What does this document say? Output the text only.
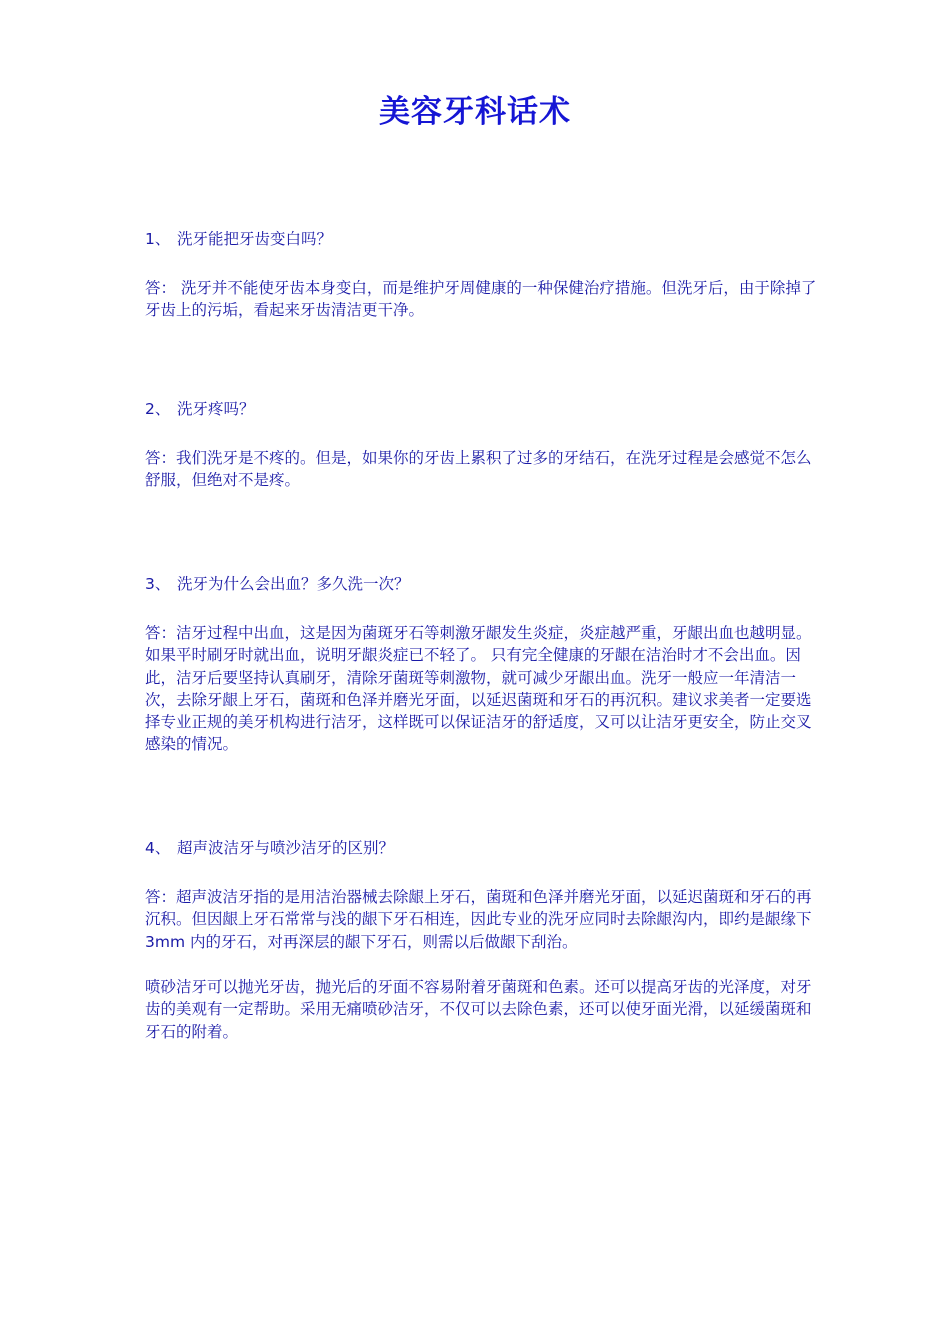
美容牙科话术

1、 洗牙能把牙齿变白吗？

答： 洗牙并不能使牙齿本身变白，而是维护牙周健康的一种保健治疗措施。但洗牙后，由于除掉了牙齿上的污垢，看起来牙齿清洁更干净。

2、 洗牙疼吗？

答：我们洗牙是不疼的。但是，如果你的牙齿上累积了过多的牙结石，在洗牙过程是会感觉不怎么舒服，但绝对不是疼。

3、 洗牙为什么会出血？多久洗一次？

答：洁牙过程中出血，这是因为菌斑牙石等刺激牙龈发生炎症，炎症越严重，牙龈出血也越明显。如果平时刷牙时就出血，说明牙龈炎症已不轻了。 只有完全健康的牙龈在洁治时才不会出血。因此，洁牙后要坚持认真刷牙，清除牙菌斑等刺激物，就可减少牙龈出血。洗牙一般应一年清洁一次，去除牙龈上牙石，菌斑和色泽并磨光牙面，以延迟菌斑和牙石的再沉积。建议求美者一定要选择专业正规的美牙机构进行洁牙，这样既可以保证洁牙的舒适度，又可以让洁牙更安全，防止交叉感染的情况。

4、 超声波洁牙与喷沙洁牙的区别？

答：超声波洁牙指的是用洁治器械去除龈上牙石，菌斑和色泽并磨光牙面，以延迟菌斑和牙石的再沉积。但因龈上牙石常常与浅的龈下牙石相连，因此专业的洗牙应同时去除龈沟内，即约是龈缘下 3mm 内的牙石，对再深层的龈下牙石，则需以后做龈下刮治。

喷砂洁牙可以抛光牙齿，抛光后的牙面不容易附着牙菌斑和色素。还可以提高牙齿的光泽度，对牙齿的美观有一定帮助。采用无痛喷砂洁牙，不仅可以去除色素，还可以使牙面光滑，以延缓菌斑和牙石的附着。
